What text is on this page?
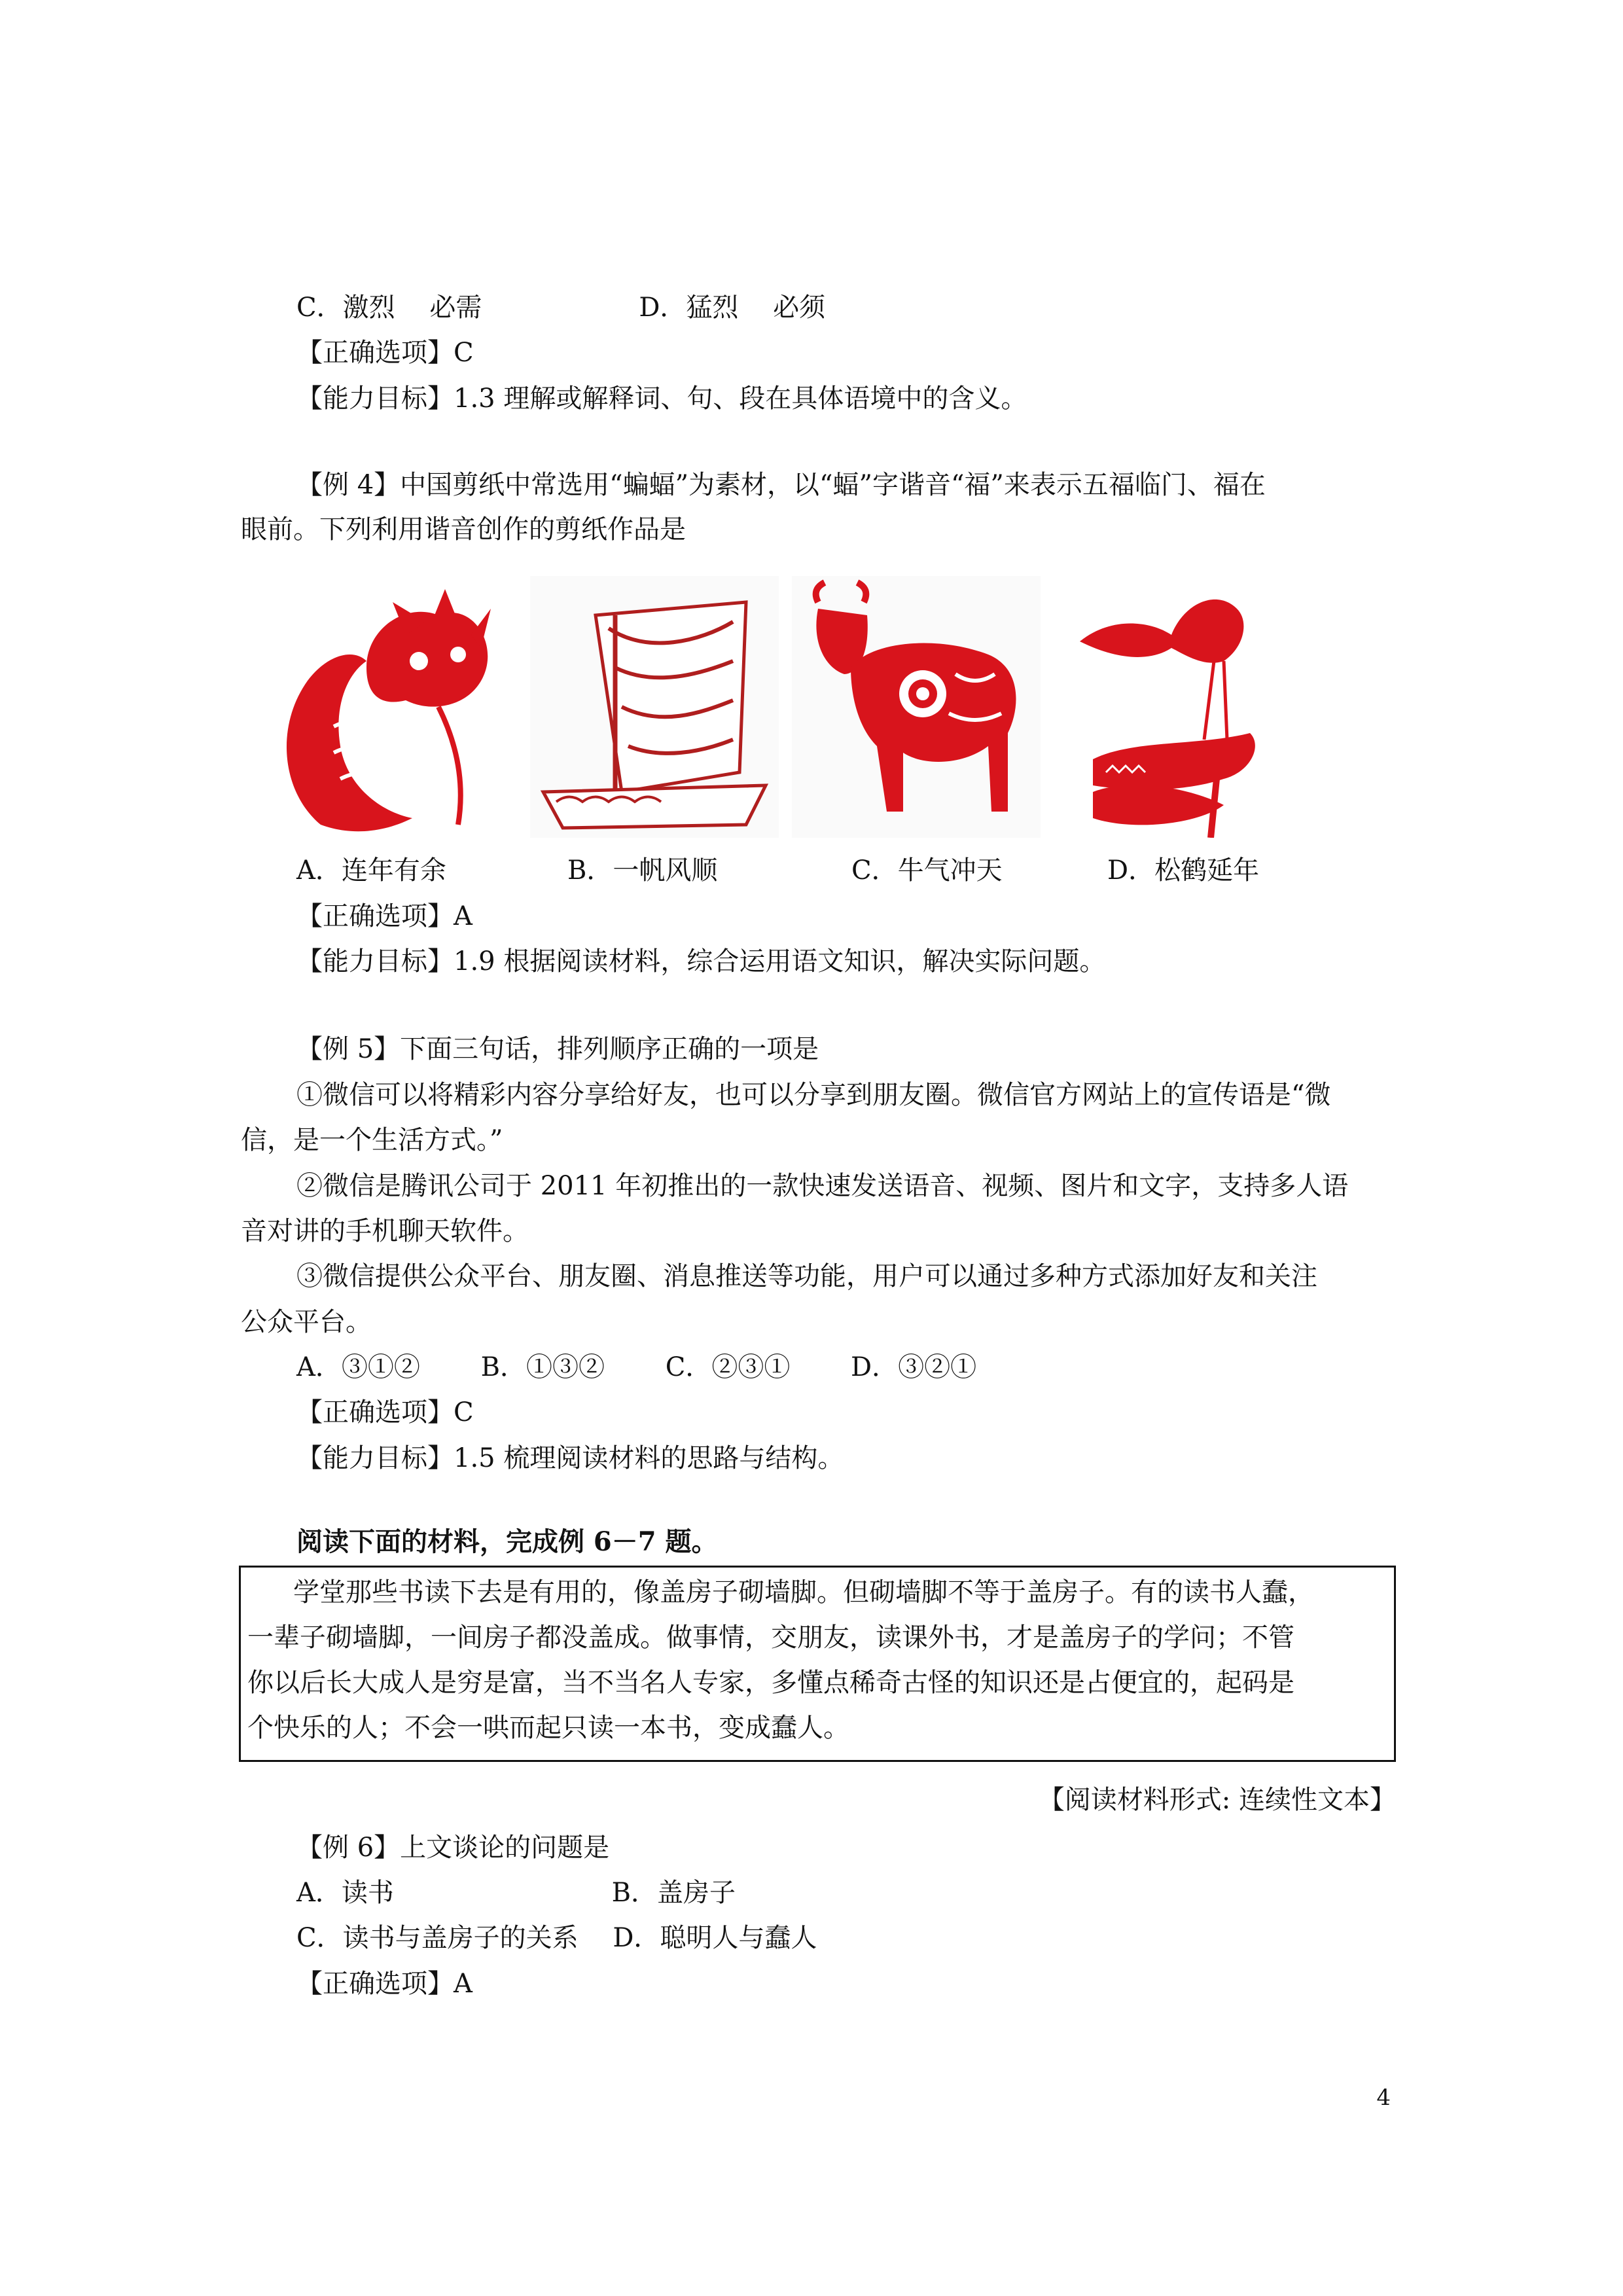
C．激烈　 必需　　　　　　D．猛烈　 必须
【正确选项】C
【能力目标】1.3 理解或解释词、句、段在具体语境中的含义。
【例 4】中国剪纸中常选用“蝙蝠”为素材，以“蝠”字谐音“福”来表示五福临门、福在
眼前。下列利用谐音创作的剪纸作品是
A．连年有余	B．一帆风顺	C．牛气冲天	D．松鹤延年
【正确选项】A
【能力目标】1.9 根据阅读材料，综合运用语文知识，解决实际问题。
【例 5】下面三句话，排列顺序正确的一项是
①微信可以将精彩内容分享给好友，也可以分享到朋友圈。微信官方网站上的宣传语是“微
信，是一个生活方式。”
②微信是腾讯公司于 2011 年初推出的一款快速发送语音、视频、图片和文字，支持多人语
音对讲的手机聊天软件。
③微信提供公众平台、朋友圈、消息推送等功能，用户可以通过多种方式添加好友和关注
公众平台。
A．③①②　　 B．①③②　　 C．②③①　　 D．③②①
【正确选项】C
【能力目标】1.5 梳理阅读材料的思路与结构。
阅读下面的材料，完成例 6－7 题。
　　学堂那些书读下去是有用的，像盖房子砌墙脚。但砌墙脚不等于盖房子。有的读书人蠢，
一辈子砌墙脚，一间房子都没盖成。做事情，交朋友，读课外书，才是盖房子的学问；不管
你以后长大成人是穷是富，当不当名人专家，多懂点稀奇古怪的知识还是占便宜的，起码是
个快乐的人；不会一哄而起只读一本书，变成蠢人。
【阅读材料形式: 连续性文本】
【例 6】上文谈论的问题是
A．读书　　　　　　　　 B．盖房子
C．读书与盖房子的关系　 D．聪明人与蠢人
【正确选项】A
4
